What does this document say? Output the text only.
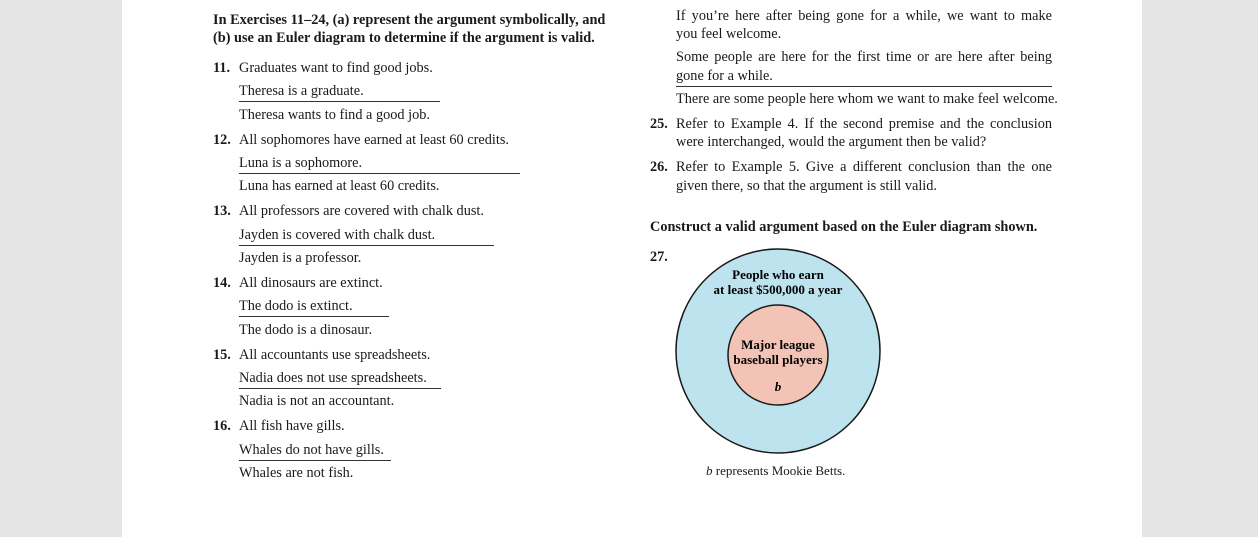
In Exercises 11–24, (a) represent the argument symbolically, and
(b) use an Euler diagram to determine if the argument is valid.
11. Graduates want to find good jobs.
Theresa is a graduate.
Theresa wants to find a good job.
12. All sophomores have earned at least 60 credits.
Luna is a sophomore.
Luna has earned at least 60 credits.
13. All professors are covered with chalk dust.
Jayden is covered with chalk dust.
Jayden is a professor.
14. All dinosaurs are extinct.
The dodo is extinct.
The dodo is a dinosaur.
15. All accountants use spreadsheets.
Nadia does not use spreadsheets.
Nadia is not an accountant.
16. All fish have gills.
Whales do not have gills.
Whales are not fish.
If you’re here after being gone for a while, we want to make
you feel welcome.
Some people are here for the first time or are here after being
gone for a while.
There are some people here whom we want to make feel welcome.
25. Refer to Example 4. If the second premise and the conclusion
were interchanged, would the argument then be valid?
26. Refer to Example 5. Give a different conclusion than the one
given there, so that the argument is still valid.
Construct a valid argument based on the Euler diagram shown.
27.
People who earn
at least $500,000 a year
Major league
baseball players
b
b represents Mookie Betts.
